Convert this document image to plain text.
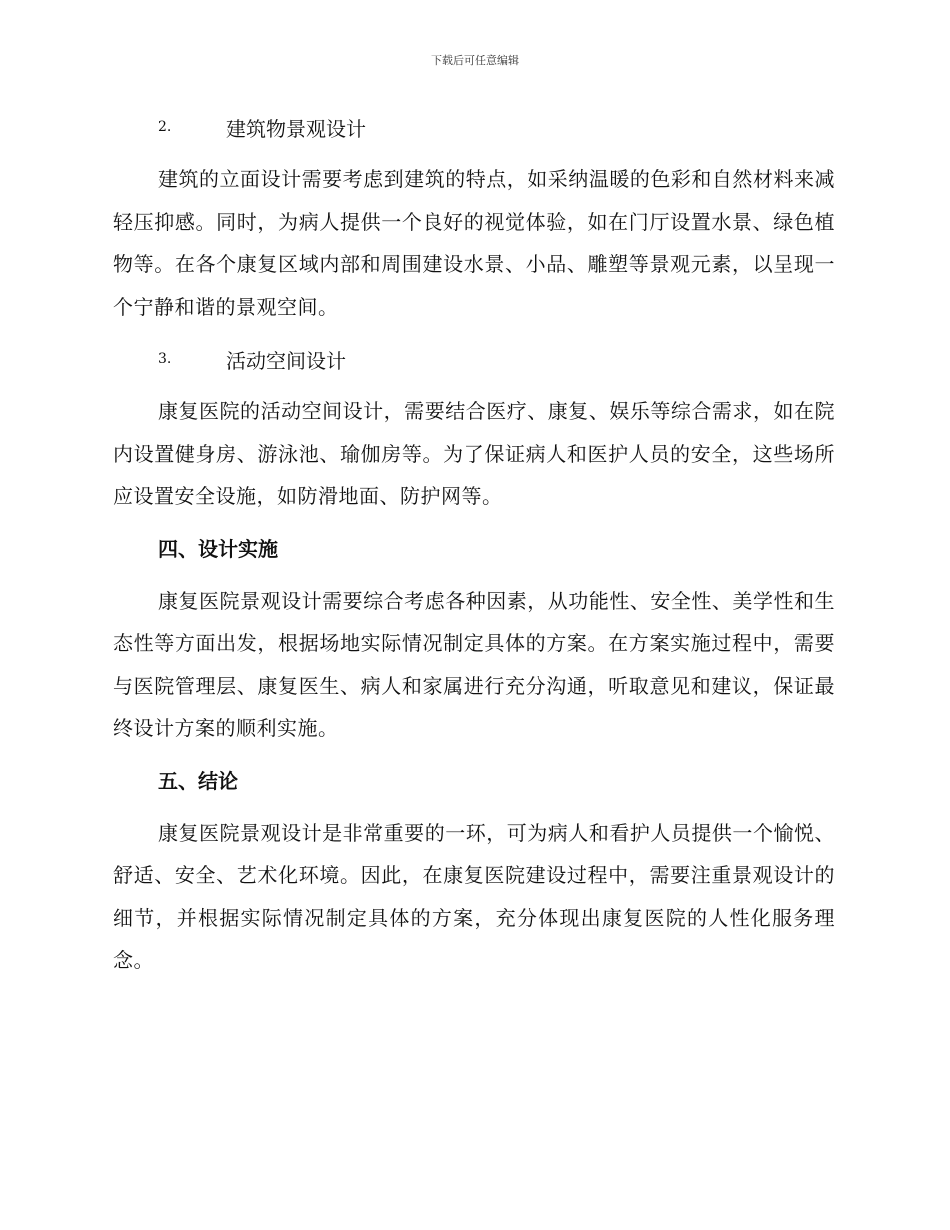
下载后可任意编辑
2.	建筑物景观设计

建筑的立面设计需要考虑到建筑的特点，如采纳温暖的色彩和自然材料来减轻压抑感。同时，为病人提供一个良好的视觉体验，如在门厅设置水景、绿色植物等。在各个康复区域内部和周围建设水景、小品、雕塑等景观元素，以呈现一个宁静和谐的景观空间。

3.	活动空间设计

康复医院的活动空间设计，需要结合医疗、康复、娱乐等综合需求，如在院内设置健身房、游泳池、瑜伽房等。为了保证病人和医护人员的安全，这些场所应设置安全设施，如防滑地面、防护网等。

四、设计实施

康复医院景观设计需要综合考虑各种因素，从功能性、安全性、美学性和生态性等方面出发，根据场地实际情况制定具体的方案。在方案实施过程中，需要与医院管理层、康复医生、病人和家属进行充分沟通，听取意见和建议，保证最终设计方案的顺利实施。

五、结论

康复医院景观设计是非常重要的一环，可为病人和看护人员提供一个愉悦、舒适、安全、艺术化环境。因此，在康复医院建设过程中，需要注重景观设计的细节，并根据实际情况制定具体的方案，充分体现出康复医院的人性化服务理念。
